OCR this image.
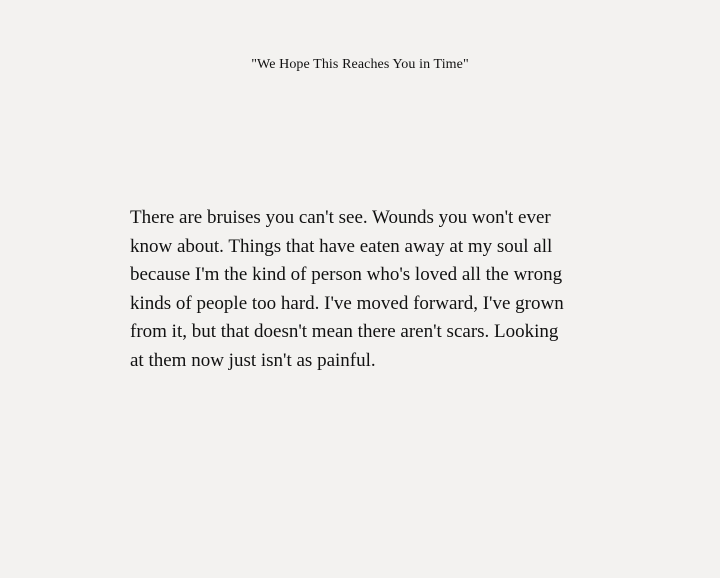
"We Hope This Reaches You in Time"
There are bruises you can't see. Wounds you won't ever
know about. Things that have eaten away at my soul all
because I'm the kind of person who's loved all the wrong
kinds of people too hard. I've moved forward, I've grown
from it, but that doesn't mean there aren't scars. Looking
at them now just isn't as painful.
